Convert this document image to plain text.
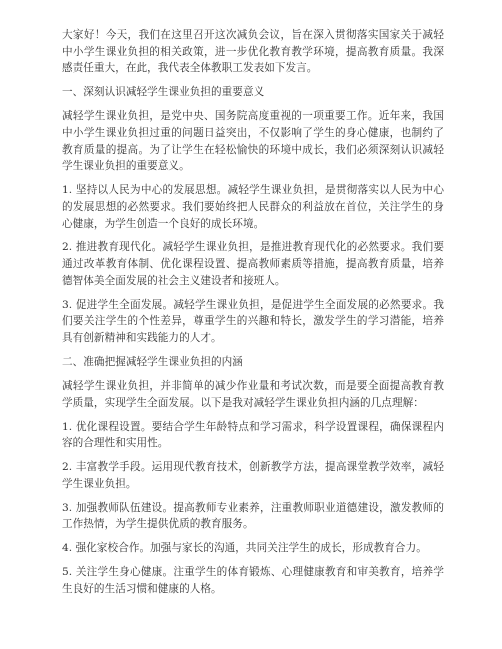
大家好！今天，我们在这里召开这次减负会议，旨在深入贯彻落实国家关于减轻中小学生课业负担的相关政策，进一步优化教育教学环境，提高教育质量。我深感责任重大，在此，我代表全体教职工发表如下发言。

一、深刻认识减轻学生课业负担的重要意义

减轻学生课业负担，是党中央、国务院高度重视的一项重要工作。近年来，我国中小学生课业负担过重的问题日益突出，不仅影响了学生的身心健康，也制约了教育质量的提高。为了让学生在轻松愉快的环境中成长，我们必须深刻认识减轻学生课业负担的重要意义。

1. 坚持以人民为中心的发展思想。减轻学生课业负担，是贯彻落实以人民为中心的发展思想的必然要求。我们要始终把人民群众的利益放在首位，关注学生的身心健康，为学生创造一个良好的成长环境。

2. 推进教育现代化。减轻学生课业负担，是推进教育现代化的必然要求。我们要通过改革教育体制、优化课程设置、提高教师素质等措施，提高教育质量，培养德智体美全面发展的社会主义建设者和接班人。

3. 促进学生全面发展。减轻学生课业负担，是促进学生全面发展的必然要求。我们要关注学生的个性差异，尊重学生的兴趣和特长，激发学生的学习潜能，培养具有创新精神和实践能力的人才。

二、准确把握减轻学生课业负担的内涵

减轻学生课业负担，并非简单的减少作业量和考试次数，而是要全面提高教育教学质量，实现学生全面发展。以下是我对减轻学生课业负担内涵的几点理解：

1. 优化课程设置。要结合学生年龄特点和学习需求，科学设置课程，确保课程内容的合理性和实用性。

2. 丰富教学手段。运用现代教育技术，创新教学方法，提高课堂教学效率，减轻学生课业负担。

3. 加强教师队伍建设。提高教师专业素养，注重教师职业道德建设，激发教师的工作热情，为学生提供优质的教育服务。

4. 强化家校合作。加强与家长的沟通，共同关注学生的成长，形成教育合力。

5. 关注学生身心健康。注重学生的体育锻炼、心理健康教育和审美教育，培养学生良好的生活习惯和健康的人格。
